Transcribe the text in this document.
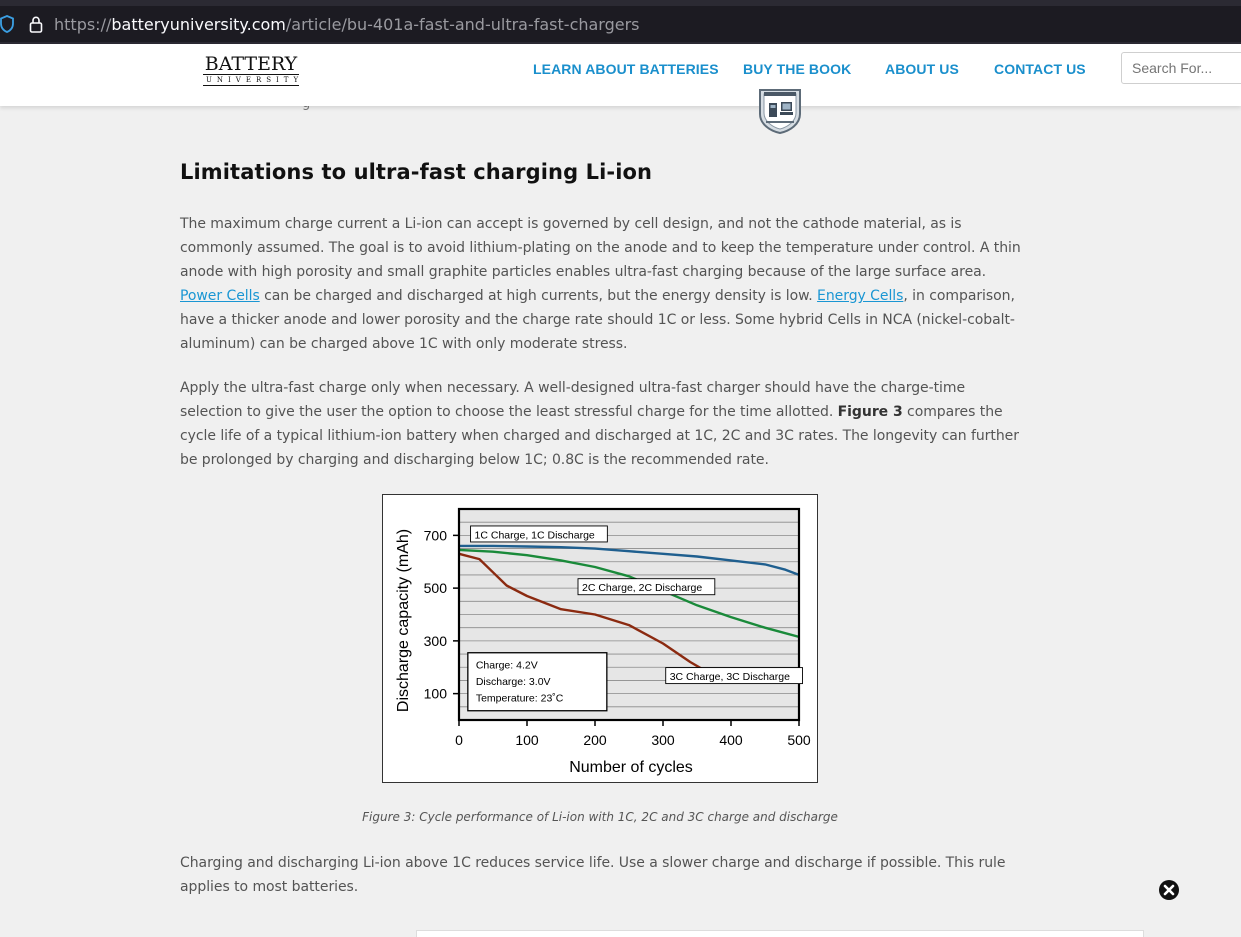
https://batteryuniversity.com/article/bu-401a-fast-and-ultra-fast-chargers
BATTERY
UNIVERSITY
LEARN ABOUT BATTERIES BUY THE BOOK ABOUT US	CONTACT US
Search For...
Limitations to ultra-fast charging Li-ion

The maximum charge current a Li-ion can accept is governed by cell design, and not the cathode material, as is commonly assumed. The goal is to avoid lithium-plating on the anode and to keep the temperature under control. A thin anode with high porosity and small graphite particles enables ultra-fast charging because of the large surface area. Power Cells can be charged and discharged at high currents, but the energy density is low. Energy Cells, in comparison, have a thicker anode and lower porosity and the charge rate should 1C or less. Some hybrid Cells in NCA (nickel-cobalt-aluminum) can be charged above 1C with only moderate stress.

Apply the ultra-fast charge only when necessary. A well-designed ultra-fast charger should have the charge-time selection to give the user the option to choose the least stressful charge for the time allotted. Figure 3 compares the cycle life of a typical lithium-ion battery when charged and discharged at 1C, 2C and 3C rates. The longevity can further be prolonged by charging and discharging below 1C; 0.8C is the recommended rate.

100
300
500
700
0	100	200	300	400	500
Number of cycles
Discharge capacity (mAh)	1C Charge, 1C Discharge
2C Charge, 2C Discharge
3C Charge, 3C Discharge
Charge: 4.2V
Discharge: 3.0V
Temperature: 23˚C
Figure 3: Cycle performance of Li-ion with 1C, 2C and 3C charge and discharge

Charging and discharging Li-ion above 1C reduces service life. Use a slower charge and discharge if possible. This rule applies to most batteries.
